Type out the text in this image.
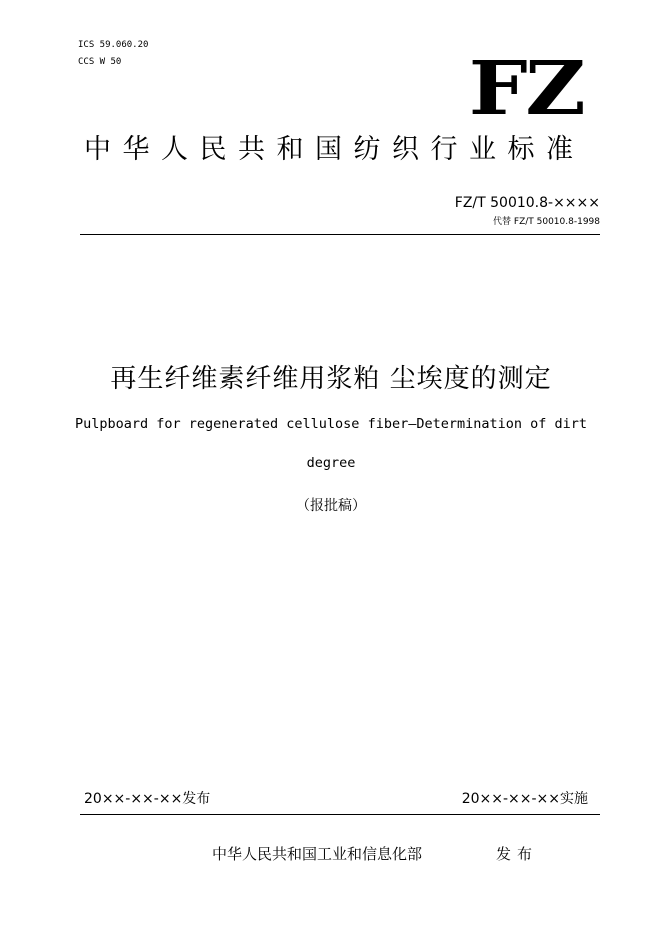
ICS 59.060.20
CCS W 50	FZ
中华人民共和国纺织行业标准
FZ/T 50010.8-××××
代替 FZ/T 50010.8-1998
再生纤维素纤维用浆粕 尘埃度的测定
Pulpboard for regenerated cellulose fiber—Determination of dirt
degree
（报批稿）
20××-××-××发布	20××-××-××实施
中华人民共和国工业和信息化部	发布
